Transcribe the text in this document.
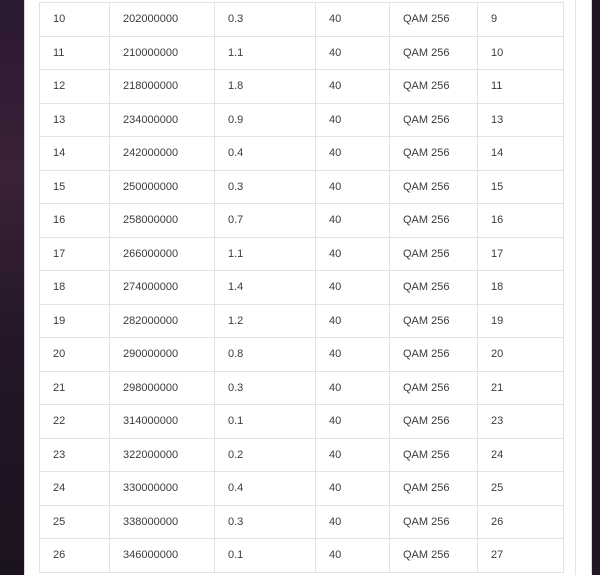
10	202000000	0.3	40	QAM 256	9
11	210000000	1.1	40	QAM 256	10
12	218000000	1.8	40	QAM 256	11
13	234000000	0.9	40	QAM 256	13
14	242000000	0.4	40	QAM 256	14
15	250000000	0.3	40	QAM 256	15
16	258000000	0.7	40	QAM 256	16
17	266000000	1.1	40	QAM 256	17
18	274000000	1.4	40	QAM 256	18
19	282000000	1.2	40	QAM 256	19
20	290000000	0.8	40	QAM 256	20
21	298000000	0.3	40	QAM 256	21
22	314000000	0.1	40	QAM 256	23
23	322000000	0.2	40	QAM 256	24
24	330000000	0.4	40	QAM 256	25
25	338000000	0.3	40	QAM 256	26
26	346000000	0.1	40	QAM 256	27
